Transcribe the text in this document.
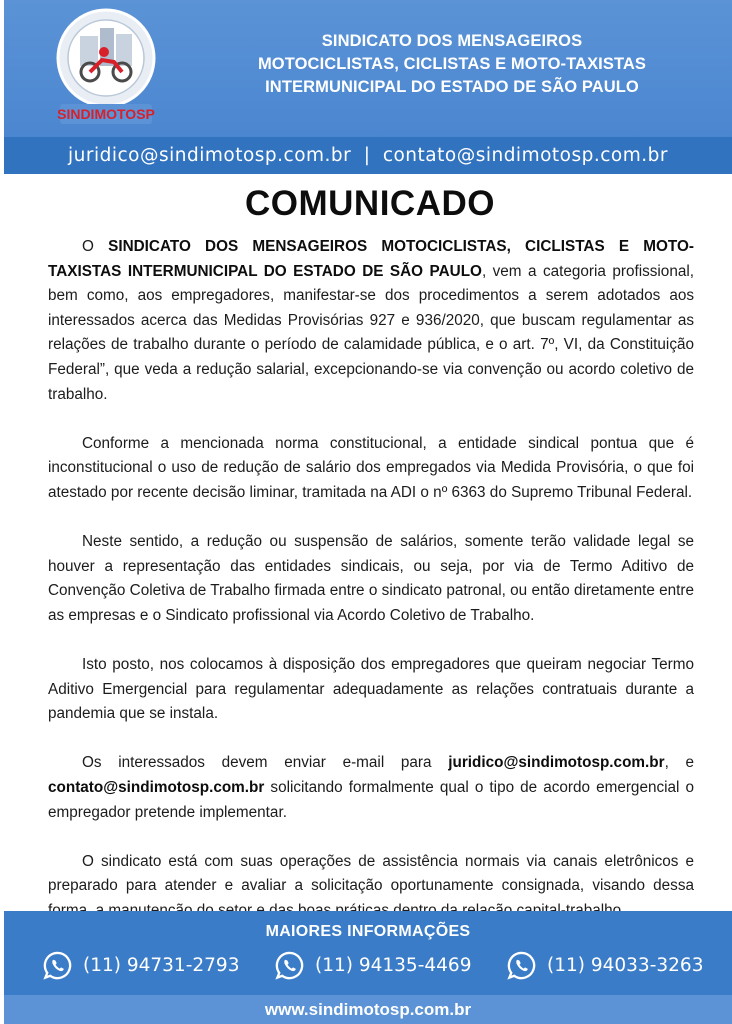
SINDIMOTOSP
SINDICATO DOS MENSAGEIROS
MOTOCICLISTAS, CICLISTAS E MOTO-TAXISTAS
INTERMUNICIPAL DO ESTADO DE SÃO PAULO
juridico@sindimotosp.com.br | contato@sindimotosp.com.br
COMUNICADO

O SINDICATO DOS MENSAGEIROS MOTOCICLISTAS, CICLISTAS E MOTO-TAXISTAS INTERMUNICIPAL DO ESTADO DE SÃO PAULO, vem a categoria profissional, bem como, aos empregadores, manifestar-se dos procedimentos a serem adotados aos interessados acerca das Medidas Provisórias 927 e 936/2020, que buscam regulamentar as relações de trabalho durante o período de calamidade pública, e o art. 7º, VI, da Constituição Federal”, que veda a redução salarial, excepcionando-se via convenção ou acordo coletivo de trabalho.

Conforme a mencionada norma constitucional, a entidade sindical pontua que é inconstitucional o uso de redução de salário dos empregados via Medida Provisória, o que foi atestado por recente decisão liminar, tramitada na ADI o nº 6363 do Supremo Tribunal Federal.

Neste sentido, a redução ou suspensão de salários, somente terão validade legal se houver a representação das entidades sindicais, ou seja, por via de Termo Aditivo de Convenção Coletiva de Trabalho firmada entre o sindicato patronal, ou então diretamente entre as empresas e o Sindicato profissional via Acordo Coletivo de Trabalho.

Isto posto, nos colocamos à disposição dos empregadores que queiram negociar Termo Aditivo Emergencial para regulamentar adequadamente as relações contratuais durante a pandemia que se instala.

Os interessados devem enviar e-mail para juridico@sindimotosp.com.br, e contato@sindimotosp.com.br solicitando formalmente qual o tipo de acordo emergencial o empregador pretende implementar.

O sindicato está com suas operações de assistência normais via canais eletrônicos e preparado para atender e avaliar a solicitação oportunamente consignada, visando dessa

MAIORES INFORMAÇÕES
(11) 94731-2793	(11) 94135-4469	(11) 94033-3263
www.sindimotosp.com.br
